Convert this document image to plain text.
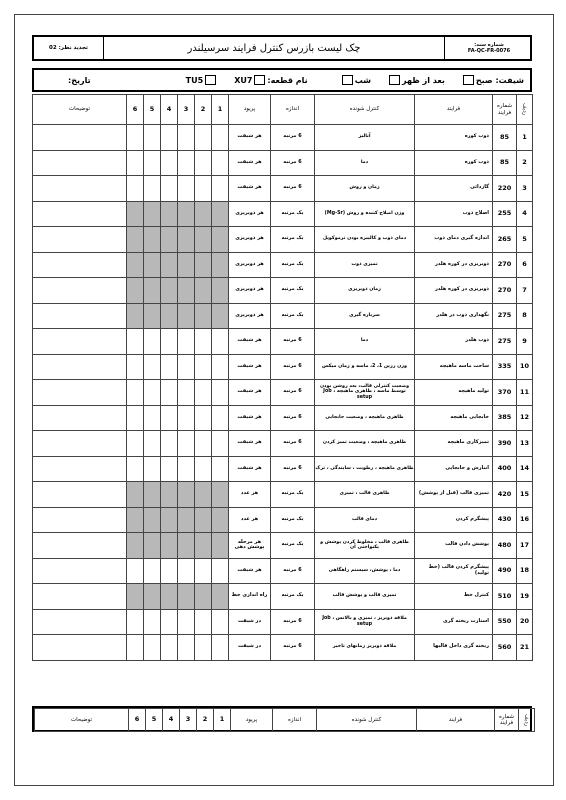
تجدید نظر: 02	چک لیست بازرس کنترل فرایند سرسیلندر	شماره سند:
FA-QC-FR-0076
شیفت: صبح
بعد از ظهر
شب
نام قطعه:
XU7
TU5
تاریخ:
ردیف	شماره فرایند	فرایند	کنترل شونده	اندازه	پریود	1	2	3	4	5	6	توضیحات
1	85	ذوب کوره	آنالیز	6 مرتبه	هر شیفت							
2	85	ذوب کوره	دما	6 مرتبه	هر شیفت							
3	220	گازدائی	زمان و روش	6 مرتبه	هر شیفت							
4	255	اصلاح ذوب	وزن اصلاح کننده و روش (Mg-Sr)	یک مرتبه	هر ذوبریزی							
5	265	اندازه گیری دمای ذوب	دمای ذوب و کالیبره بودن ترموکوپل	یک مرتبه	هر ذوبریزی							
6	270	ذوبریزی در کوره هلدر	تمیزی ذوب	یک مرتبه	هر ذوبریزی							
7	270	ذوبریزی در کوره هلدر	زمان ذوبریزی	یک مرتبه	هر ذوبریزی							
8	275	نگهداری ذوب در هلدر	سرباره گیری	یک مرتبه	هر ذوبریزی							
9	275	ذوب هلدر	دما	6 مرتبه	هر شیفت							
10	335	ساخت ماسه ماهیچه	وزن رزین 1، 2، ماسه و زمان میکس	6 مرتبه	هر شیفت							
11	370	تولید ماهیچه	وضعیت کنترلی قالب، بعد روشن بودن توسط ماسه ، ظاهری ماهیچه ، Job setup	6 مرتبه	هر شیفت							
12	385	جابجایی ماهیچه	ظاهری ماهیچه ، وضعیت جابجایی	6 مرتبه	هر شیفت							
13	390	تمیزکاری ماهیچه	ظاهری ماهیچه ، وضعیت تمیز کردن	6 مرتبه	هر شیفت							
14	400	انبارش و جابجایی	ظاهری ماهیچه ، رطوبت ، سایندگی ، ترک	6 مرتبه	هر شیفت							
15	420	تمیزی قالب (قبل از پوشش)	ظاهری قالب ، تمیزی	یک مرتبه	هر عدد							
16	430	پیشگرم کردن	دمای قالب	یک مرتبه	هر عدد							
17	480	پوشش دادن قالب	ظاهری قالب ، مخلوط کردن پوشش و یکنواختی آن	یک مرتبه	هر مرحله پوشش دهی							
18	490	پیشگرم کردن قالب (خط تولید)	دما ، پوشش، سیستم راهگاهی	6 مرتبه	هر شیفت							
19	510	کنترل خط	تمیزی قالب و پوشش قالب	یک مرتبه	راه اندازی خط							
20	550	استارت ریخته گری	ملاقه ذوبریز ، تمیزی و بالانس ، Job setup	6 مرتبه	در شیفت							
21	560	ریخته گری داخل قالبها	ملاقه ذوبریز زمانهای تاخیر	6 مرتبه	در شیفت							
ردیف	شماره فرایند	فرایند	کنترل شونده	اندازه	پریود	1	2	3	4	5	6	توضیحات
